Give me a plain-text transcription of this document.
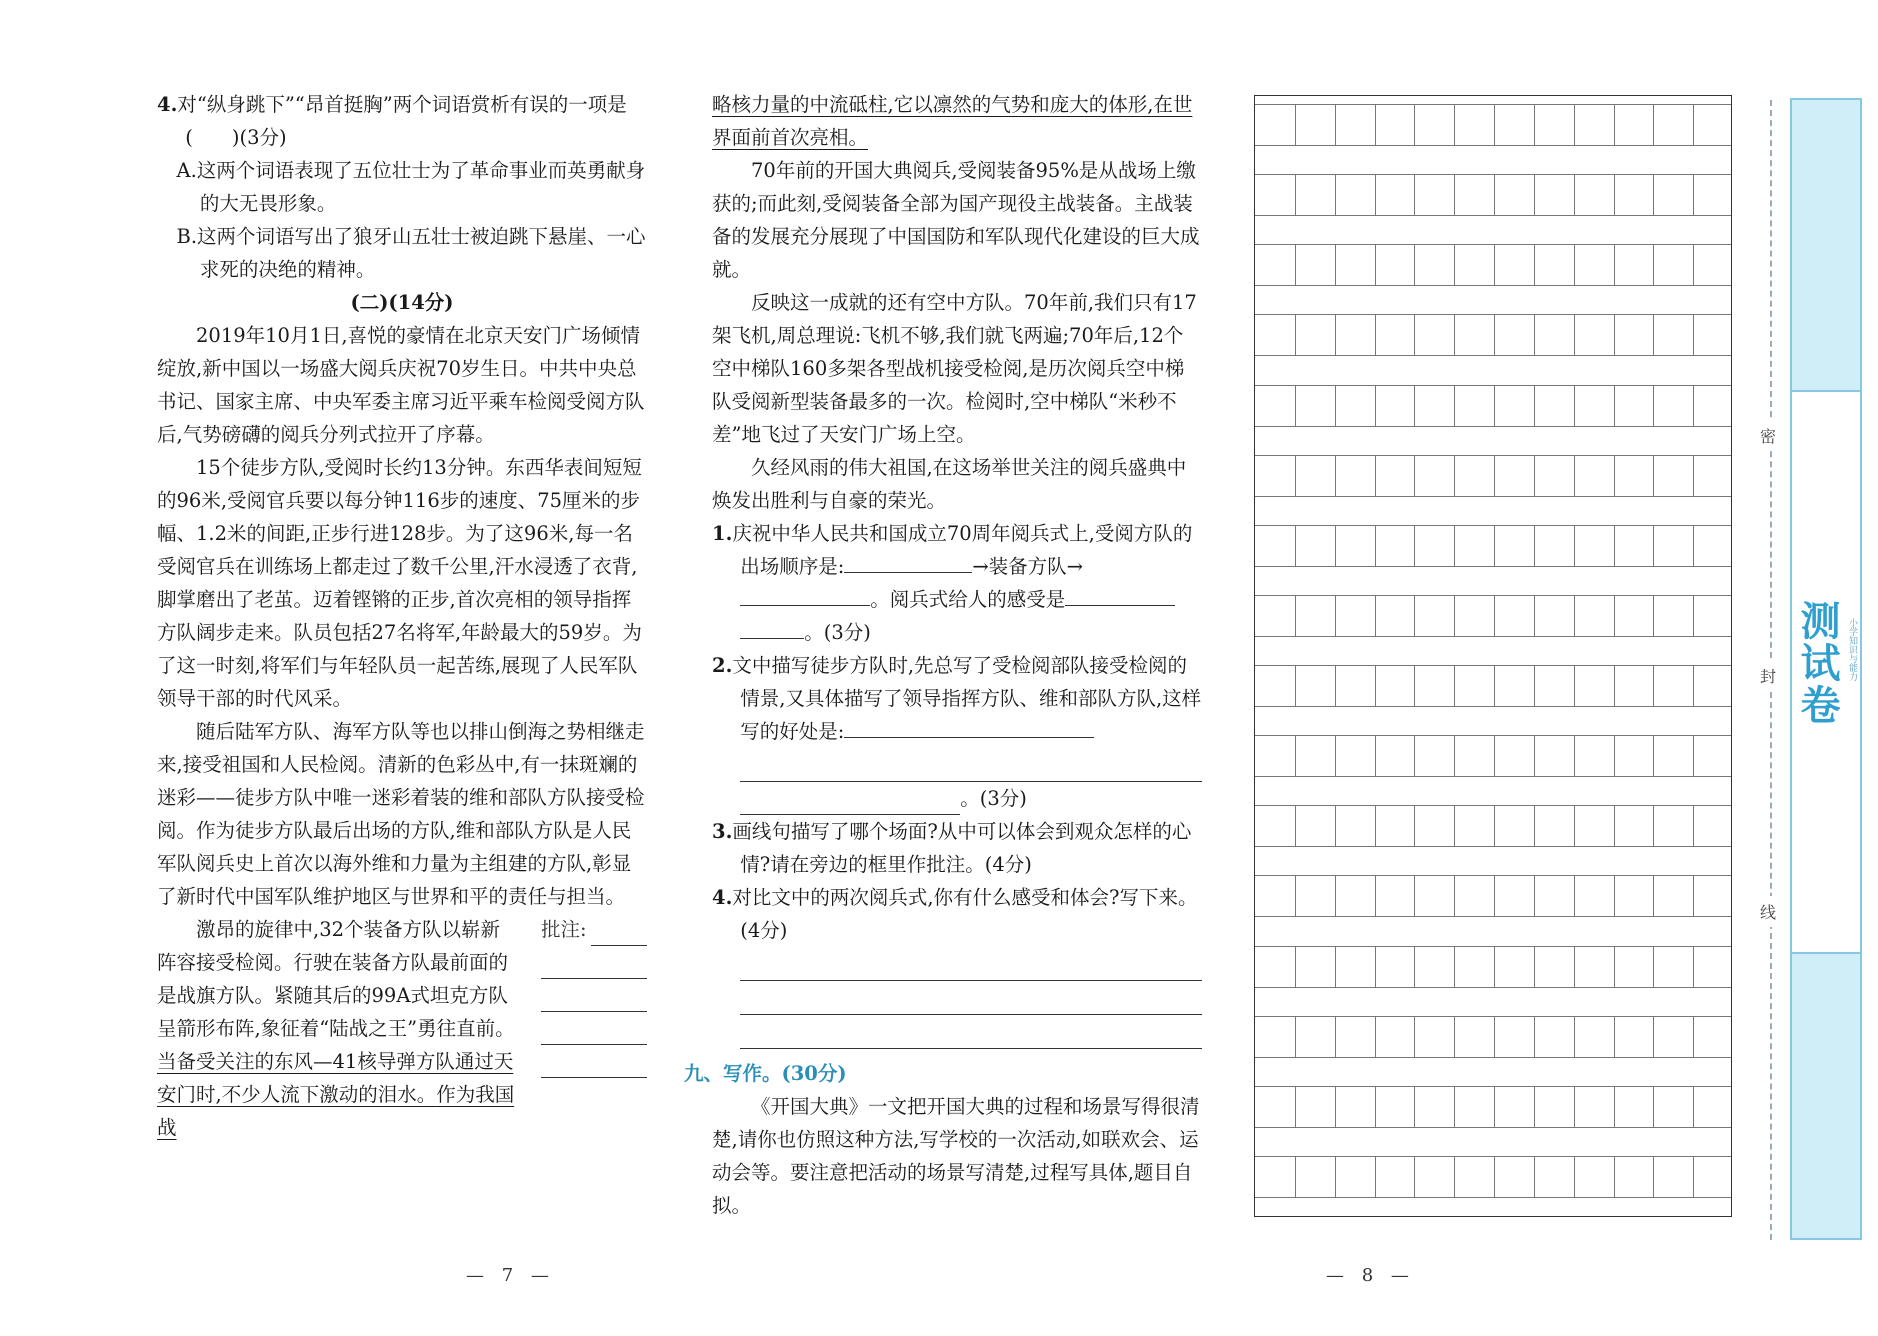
4.对“纵身跳下”“昂首挺胸”两个词语赏析有误的一项是(　　)(3分)

A.这两个词语表现了五位壮士为了革命事业而英勇献身的大无畏形象。

B.这两个词语写出了狼牙山五壮士被迫跳下悬崖、一心求死的决绝的精神。

(二)(14分)

2019年10月1日,喜悦的豪情在北京天安门广场倾情绽放,新中国以一场盛大阅兵庆祝70岁生日。中共中央总书记、国家主席、中央军委主席习近平乘车检阅受阅方队后,气势磅礴的阅兵分列式拉开了序幕。

15个徒步方队,受阅时长约13分钟。东西华表间短短的96米,受阅官兵要以每分钟116步的速度、75厘米的步幅、1.2米的间距,正步行进128步。为了这96米,每一名受阅官兵在训练场上都走过了数千公里,汗水浸透了衣背,脚掌磨出了老茧。迈着铿锵的正步,首次亮相的领导指挥方队阔步走来。队员包括27名将军,年龄最大的59岁。为了这一时刻,将军们与年轻队员一起苦练,展现了人民军队领导干部的时代风采。

随后陆军方队、海军方队等也以排山倒海之势相继走来,接受祖国和人民检阅。清新的色彩丛中,有一抹斑斓的迷彩——徒步方队中唯一迷彩着装的维和部队方队接受检阅。作为徒步方队最后出场的方队,维和部队方队是人民军队阅兵史上首次以海外维和力量为主组建的方队,彰显了新时代中国军队维护地区与世界和平的责任与担当。

激昂的旋律中,32个装备方队以崭新阵容接受检阅。行驶在装备方队最前面的是战旗方队。紧随其后的99A式坦克方队呈箭形布阵,象征着“陆战之王”勇往直前。当备受关注的东风—41核导弹方队通过天安门时,不少人流下激动的泪水。作为我国战

批注:

略核力量的中流砥柱,它以凛然的气势和庞大的体形,在世界面前首次亮相。

70年前的开国大典阅兵,受阅装备95%是从战场上缴获的;而此刻,受阅装备全部为国产现役主战装备。主战装备的发展充分展现了中国国防和军队现代化建设的巨大成就。

反映这一成就的还有空中方队。70年前,我们只有17架飞机,周总理说:飞机不够,我们就飞两遍;70年后,12个空中梯队160多架各型战机接受检阅,是历次阅兵空中梯队受阅新型装备最多的一次。检阅时,空中梯队“米秒不差”地飞过了天安门广场上空。

久经风雨的伟大祖国,在这场举世关注的阅兵盛典中焕发出胜利与自豪的荣光。

1.庆祝中华人民共和国成立70周年阅兵式上,受阅方队的出场顺序是:	→装备方队→。阅兵式给人的感受是。(3分)

2.文中描写徒步方队时,先总写了受检阅部队接受检阅的情景,又具体描写了领导指挥方队、维和部队方队,这样写的好处是:

。(3分)

3.画线句描写了哪个场面?从中可以体会到观众怎样的心情?请在旁边的框里作批注。(4分)

4.对比文中的两次阅兵式,你有什么感受和体会?写下来。(4分)

九、写作。(30分)

《开国大典》一文把开国大典的过程和场景写得很清楚,请你也仿照这种方法,写学校的一次活动,如联欢会、运动会等。要注意把活动的场景写清楚,过程写具体,题目自拟。

— 7 —	— 8 —
密
封
线
测试卷 小学知识与能力
